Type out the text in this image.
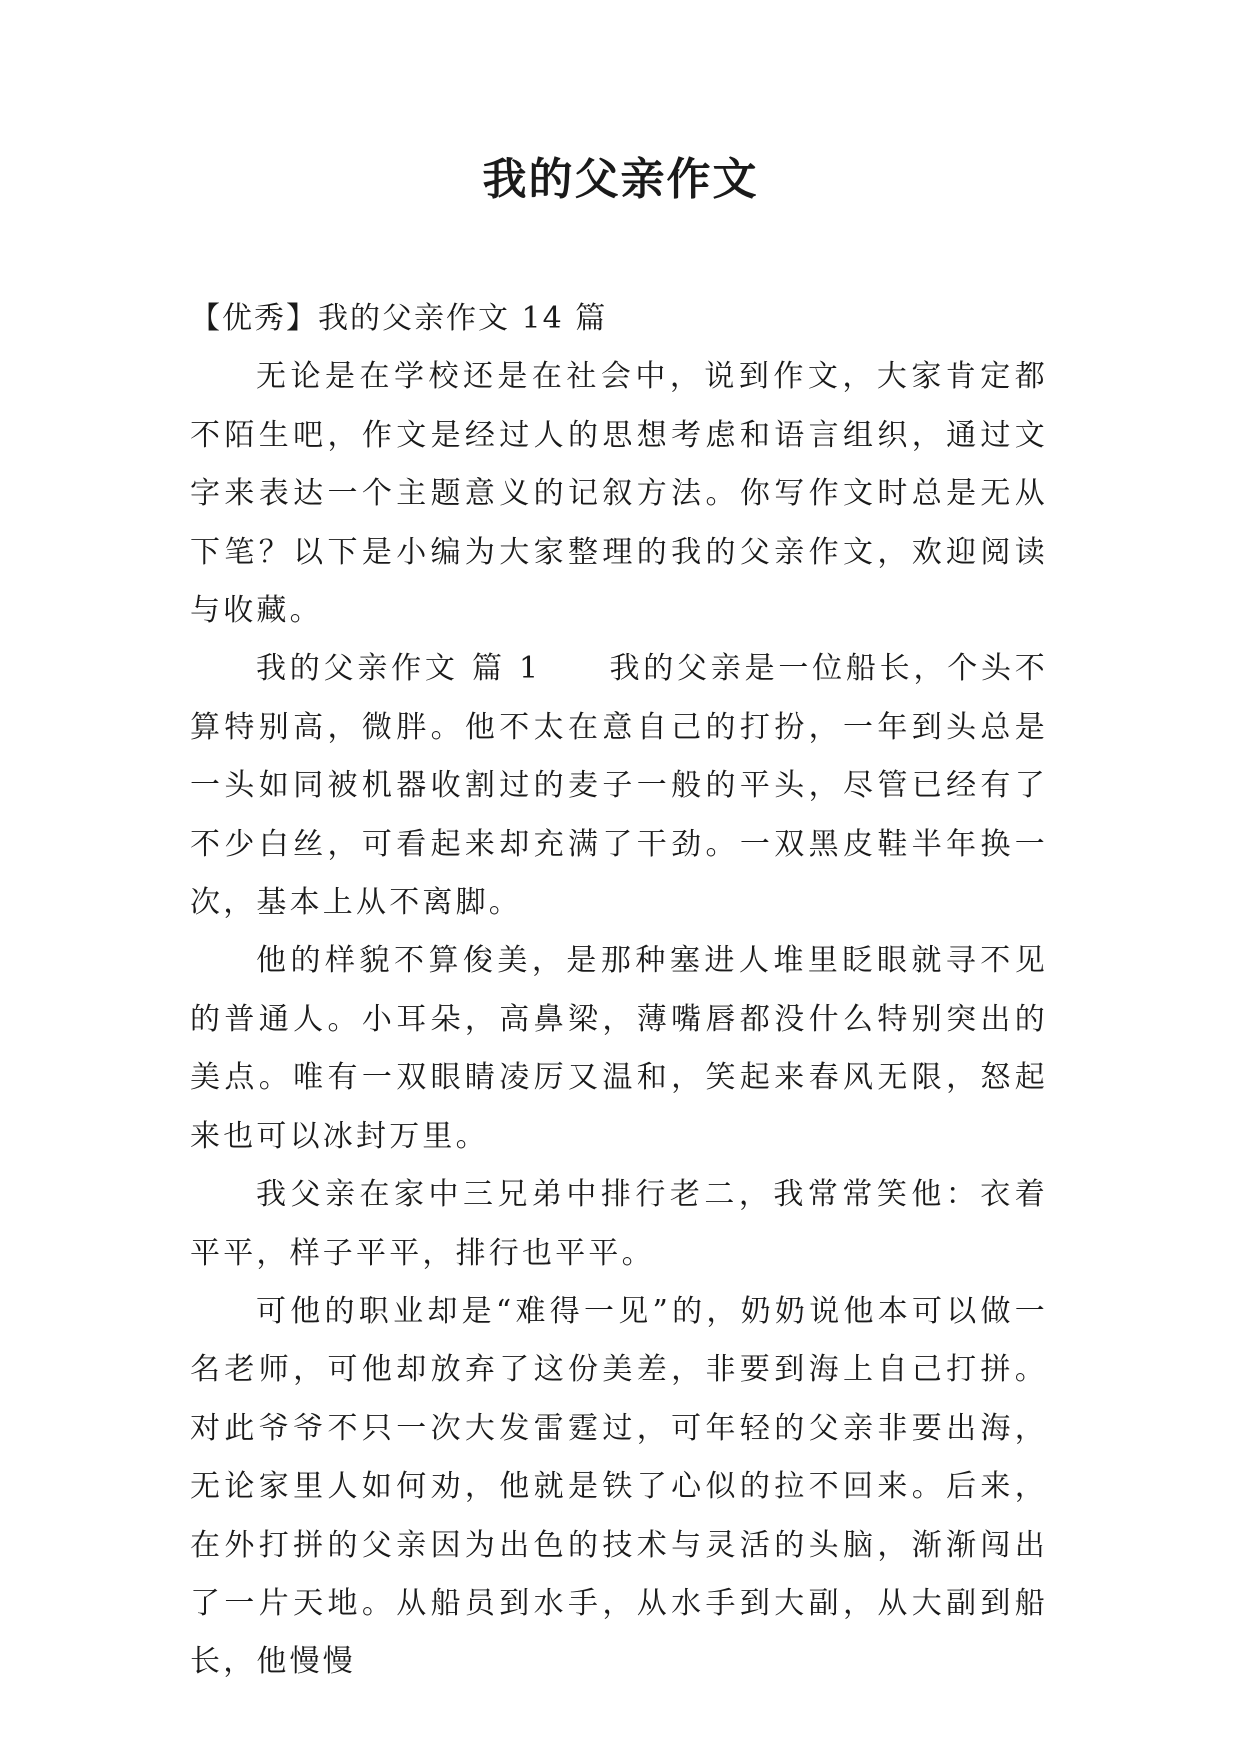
我的父亲作文

【优秀】我的父亲作文 14 篇

无论是在学校还是在社会中，说到作文，大家肯定都不陌生吧，作文是经过人的思想考虑和语言组织，通过文字来表达一个主题意义的记叙方法。你写作文时总是无从下笔？以下是小编为大家整理的我的父亲作文，欢迎阅读与收藏。

我的父亲作文 篇 1　　我的父亲是一位船长，个头不算特别高，微胖。他不太在意自己的打扮，一年到头总是一头如同被机器收割过的麦子一般的平头，尽管已经有了不少白丝，可看起来却充满了干劲。一双黑皮鞋半年换一次，基本上从不离脚。

他的样貌不算俊美，是那种塞进人堆里眨眼就寻不见的普通人。小耳朵，高鼻梁，薄嘴唇都没什么特别突出的美点。唯有一双眼睛凌厉又温和，笑起来春风无限，怒起来也可以冰封万里。

我父亲在家中三兄弟中排行老二，我常常笑他：衣着平平，样子平平，排行也平平。

可他的职业却是“难得一见”的，奶奶说他本可以做一名老师，可他却放弃了这份美差，非要到海上自己打拼。对此爷爷不只一次大发雷霆过，可年轻的父亲非要出海，无论家里人如何劝，他就是铁了心似的拉不回来。后来，在外打拼的父亲因为出色的技术与灵活的头脑，渐渐闯出了一片天地。从船员到水手，从水手到大副，从大副到船长，他慢慢
